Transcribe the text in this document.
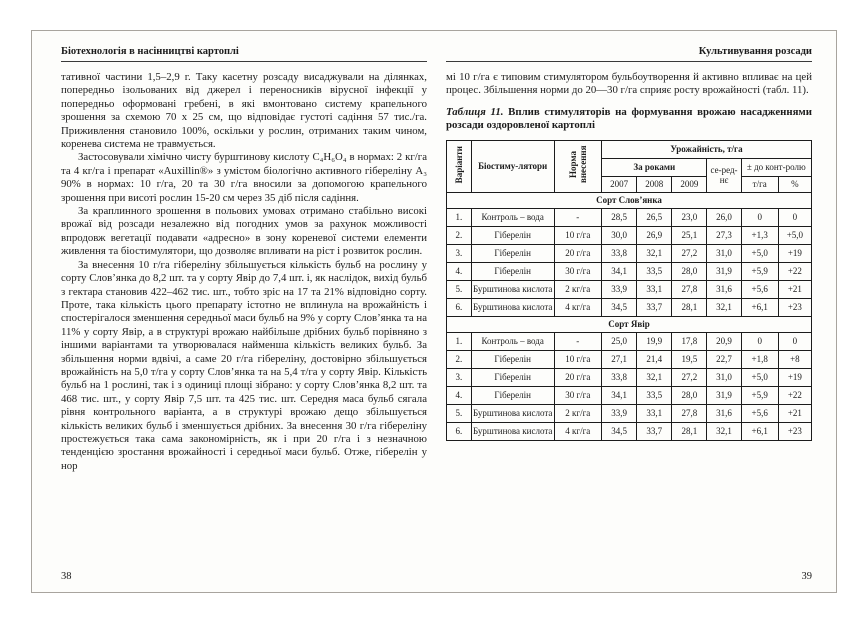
Біотехнологія в насінництві картоплі

тативної частини 1,5–2,9 г. Таку касетну розсаду висаджували на ділянках, попередньо ізольованих від джерел і переносників вірусної інфекції у попередньо оформовані гребені, в які вмонтовано систему крапельного зрошення за схемою 70 х 25 см, що відповідає густоті садіння 57 тис./га. Приживлення становило 100%, оскільки у рослин, отриманих таким чином, коренева система не травмується.

Застосовували хімічно чисту бурштинову кислоту С₄Н₆О₄ в нормах: 2 кг/га та 4 кг/га і препарат «Auxillin®» з умістом біологічно активного гібереліну А₃ 90% в нормах: 10 г/га, 20 та 30 г/га вносили за допомогою крапельного зрошення при висоті рослин 15-20 см через 35 діб після садіння.

За краплинного зрошення в польових умовах отримано стабільно високі врожаї від розсади незалежно від погодних умов за рахунок можливості впродовж вегетації подавати «адресно» в зону кореневої системи елементи живлення та біостимулятори, що дозволяє впливати на ріст і розвиток рослин.

За внесення 10 г/га гібереліну збільшується кількість бульб на рослину у сорту Слов’янка до 8,2 шт. та у сорту Явір до 7,4 шт. і, як наслідок, вихід бульб з гектара становив 422–462 тис. шт., тобто зріс на 17 та 21% відповідно сорту. Проте, така кількість цього препарату істотно не вплинула на врожайність і спостерігалося зменшення середньої маси бульб на 9% у сорту Слов’янка та на 11% у сорту Явір, а в структурі врожаю найбільше дрібних бульб порівняно з іншими варіантами та утворювалася найменша кількість великих бульб. За збільшення норми вдвічі, а саме 20 г/га гібереліну, достовірно збільшується врожайність на 5,0 т/га у сорту Слов’янка та на 5,4 т/га у сорту Явір. Кількість бульб на 1 рослині, так і з одиниці площі зібрано: у сорту Слов’янка 8,2 шт. та 468 тис. шт., у сорту Явір 7,5 шт. та 425 тис. шт. Середня маса бульб сягала рівня контрольного варіанта, а в структурі врожаю дещо збільшується кількість великих бульб і зменшується дрібних. За внесення 30 г/га гібереліну простежується така сама закономірність, як і при 20 г/га і з незначною тенденцією зростання врожайності і середньої маси бульб. Отже, гіберелін у нор

38
Культивування розсади
мі 10 г/га є типовим стимулятором бульбоутворення й активно впливає на цей процес. Збільшення норми до 20—30 г/га сприяє росту врожайності (табл. 11).
Таблиця 11. Вплив стимуляторів на формування врожаю насадженнями розсади оздоровленої картоплі
Варіанти	Біостиму-лятори	Норма внесення	Урожайність, т/га					
			За роками			се-ред-нє	± до конт-ролю	
			2007	2008	2009		т/га	%
Сорт Слов’янка								
1.	Контроль – вода	-	28,5	26,5	23,0	26,0	0	0
2.	Гіберелін	10 г/га	30,0	26,9	25,1	27,3	+1,3	+5,0
3.	Гіберелін	20 г/га	33,8	32,1	27,2	31,0	+5,0	+19
4.	Гіберелін	30 г/га	34,1	33,5	28,0	31,9	+5,9	+22
5.	Бурштинова кислота	2 кг/га	33,9	33,1	27,8	31,6	+5,6	+21
6.	Бурштинова кислота	4 кг/га	34,5	33,7	28,1	32,1	+6,1	+23
Сорт Явір								
1.	Контроль – вода	-	25,0	19,9	17,8	20,9	0	0
2.	Гіберелін	10 г/га	27,1	21,4	19,5	22,7	+1,8	+8
3.	Гіберелін	20 г/га	33,8	32,1	27,2	31,0	+5,0	+19
4.	Гіберелін	30 г/га	34,1	33,5	28,0	31,9	+5,9	+22
5.	Бурштинова кислота	2 кг/га	33,9	33,1	27,8	31,6	+5,6	+21
6.	Бурштинова кислота	4 кг/га	34,5	33,7	28,1	32,1	+6,1	+23
39
